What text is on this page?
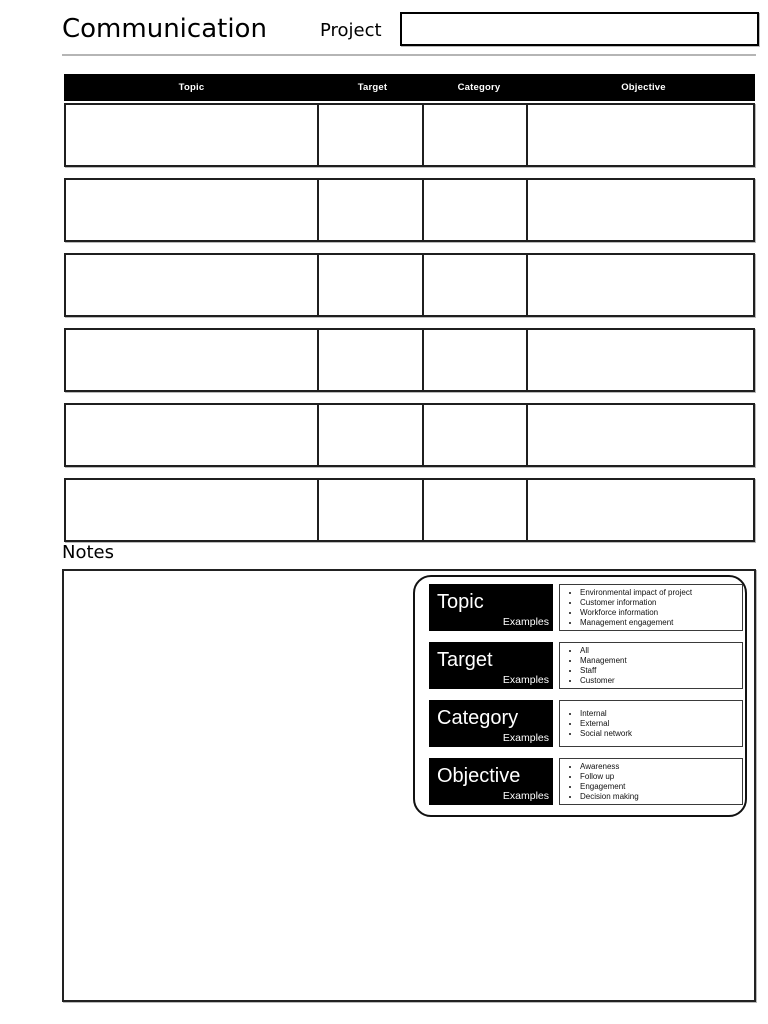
Communication	Project
Topic	Target	Category	Objective
Notes
Topic
Examples
• Environmental impact of project
• Customer information
• Workforce information
• Management engagement
Target
Examples
• All
• Management
• Staff
• Customer
Category
Examples
• Internal
• External
• Social network
Objective
Examples
• Awareness
• Follow up
• Engagement
• Decision making
